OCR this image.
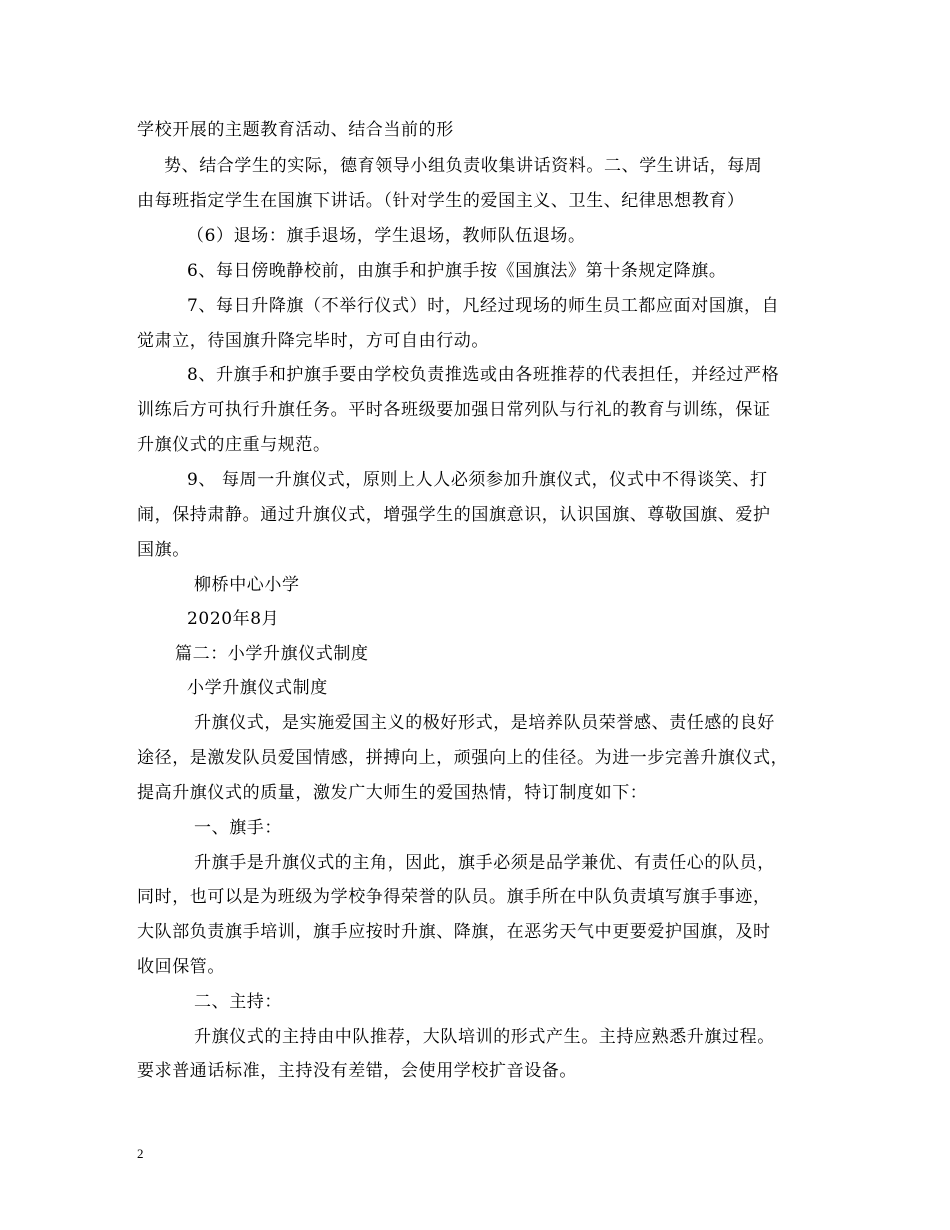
学校开展的主题教育活动、结合当前的形
势、结合学生的实际，德育领导小组负责收集讲话资料。二、学生讲话，每周
由每班指定学生在国旗下讲话。（针对学生的爱国主义、卫生、纪律思想教育）
（6）退场：旗手退场，学生退场，教师队伍退场。
6、每日傍晚静校前，由旗手和护旗手按《国旗法》第十条规定降旗。
7、每日升降旗（不举行仪式）时，凡经过现场的师生员工都应面对国旗，自
觉肃立，待国旗升降完毕时，方可自由行动。
8、升旗手和护旗手要由学校负责推选或由各班推荐的代表担任，并经过严格
训练后方可执行升旗任务。平时各班级要加强日常列队与行礼的教育与训练，保证
升旗仪式的庄重与规范。
9、 每周一升旗仪式，原则上人人必须参加升旗仪式，仪式中不得谈笑、打
闹，保持肃静。通过升旗仪式，增强学生的国旗意识，认识国旗、尊敬国旗、爱护
国旗。
柳桥中心小学
2020年8月
篇二：小学升旗仪式制度
小学升旗仪式制度
升旗仪式，是实施爱国主义的极好形式，是培养队员荣誉感、责任感的良好
途径，是激发队员爱国情感，拼搏向上，顽强向上的佳径。为进一步完善升旗仪式，
提高升旗仪式的质量，激发广大师生的爱国热情，特订制度如下：
一、旗手：
升旗手是升旗仪式的主角，因此，旗手必须是品学兼优、有责任心的队员，
同时，也可以是为班级为学校争得荣誉的队员。旗手所在中队负责填写旗手事迹，
大队部负责旗手培训，旗手应按时升旗、降旗，在恶劣天气中更要爱护国旗，及时
收回保管。
二、主持：
升旗仪式的主持由中队推荐，大队培训的形式产生。主持应熟悉升旗过程。
要求普通话标准，主持没有差错，会使用学校扩音设备。
2
